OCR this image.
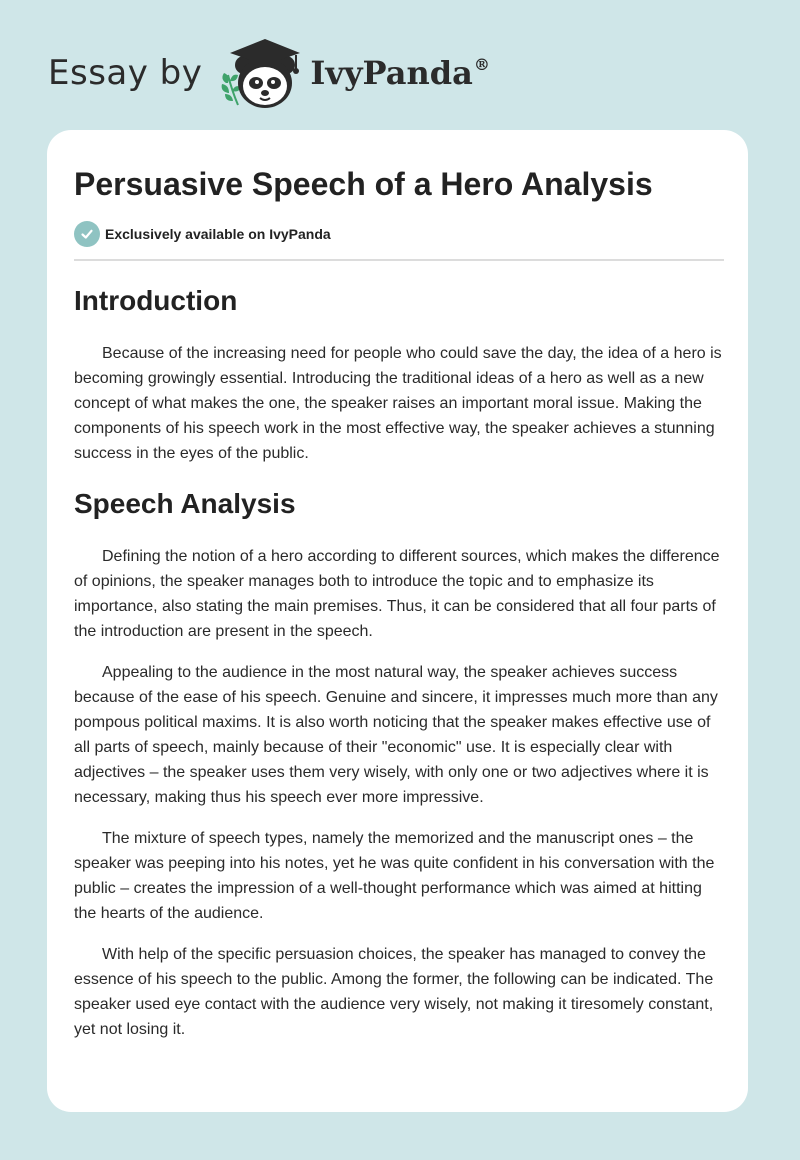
Essay by	IvyPanda®
Persuasive Speech of a Hero Analysis
Exclusively available on IvyPanda
Introduction

Because of the increasing need for people who could save the day, the idea of a hero is becoming growingly essential. Introducing the traditional ideas of a hero as well as a new concept of what makes the one, the speaker raises an important moral issue. Making the components of his speech work in the most effective way, the speaker achieves a stunning success in the eyes of the public.

Speech Analysis

Defining the notion of a hero according to different sources, which makes the difference of opinions, the speaker manages both to introduce the topic and to emphasize its importance, also stating the main premises. Thus, it can be considered that all four parts of the introduction are present in the speech.

Appealing to the audience in the most natural way, the speaker achieves success because of the ease of his speech. Genuine and sincere, it impresses much more than any pompous political maxims. It is also worth noticing that the speaker makes effective use of all parts of speech, mainly because of their "economic" use. It is especially clear with adjectives – the speaker uses them very wisely, with only one or two adjectives where it is necessary, making thus his speech ever more impressive.

The mixture of speech types, namely the memorized and the manuscript ones – the speaker was peeping into his notes, yet he was quite confident in his conversation with the public – creates the impression of a well-thought performance which was aimed at hitting the hearts of the audience.

With help of the specific persuasion choices, the speaker has managed to convey the essence of his speech to the public. Among the former, the following can be indicated. The speaker used eye contact with the audience very wisely, not making it tiresomely constant, yet not losing it.
